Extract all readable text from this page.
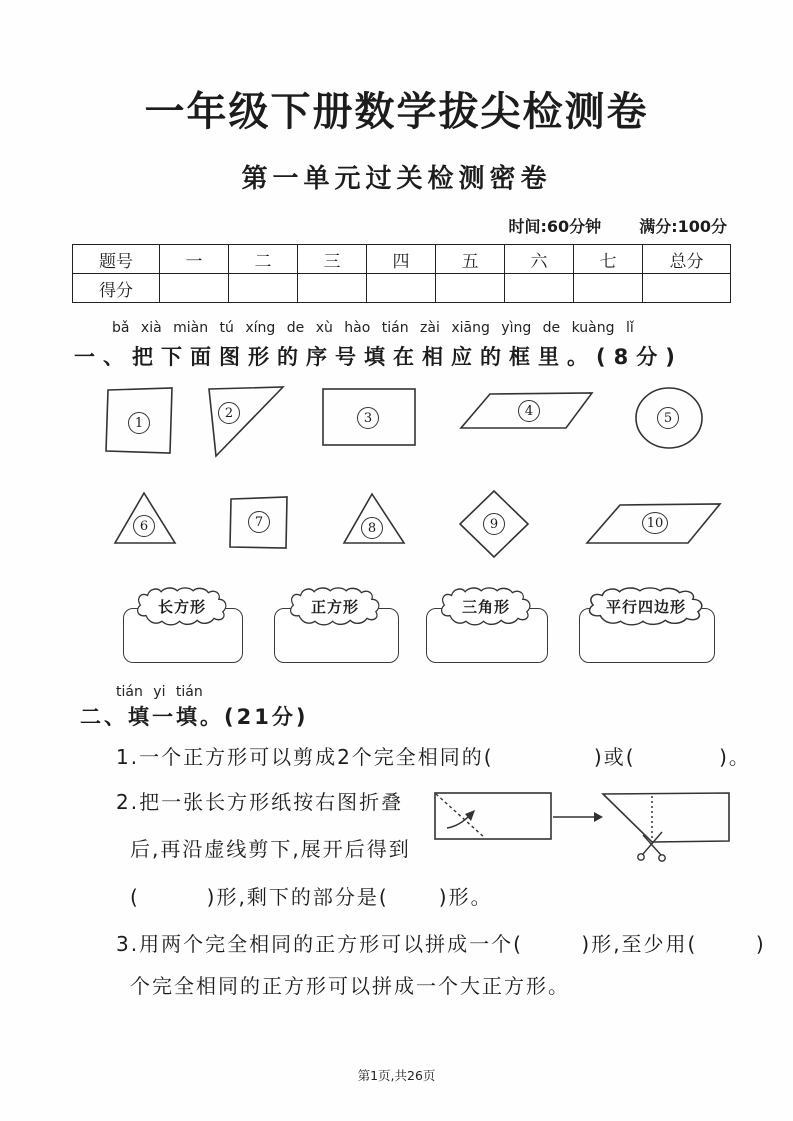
一年级下册数学拔尖检测卷
第一单元过关检测密卷
时间:60分钟 满分:100分
题号	一	二	三	四	五	六	七	总分
得分								
bǎ xià miàn tú xíng de xù hào tián zài xiāng yìng de kuàng lǐ
一、把下面图形的序号填在相应的框里。(8分)
1
2	3	4	5
6	7	8	9	10
长方形	正方形	三角形	平行四边形
tián yi tián
二、填一填。(21分)
1.一个正方形可以剪成2个完全相同的(            )或(          )。
2.把一张长方形纸按右图折叠
后,再沿虚线剪下,展开后得到
(        )形,剩下的部分是(      )形。
3.用两个完全相同的正方形可以拼成一个(       )形,至少用(       )
个完全相同的正方形可以拼成一个大正方形。
第1页,共26页
